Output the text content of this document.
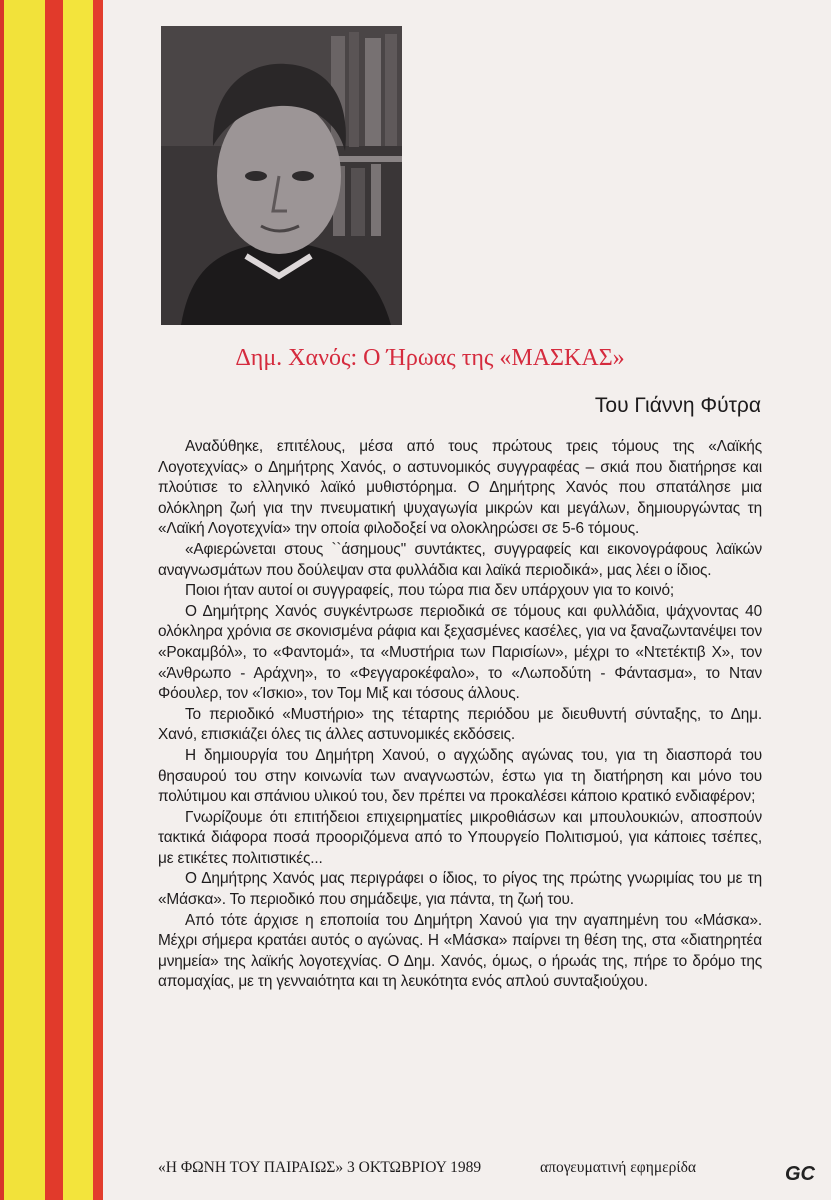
Δημ. Χανός: Ο Ήρωας της «ΜΑΣΚΑΣ»
Του Γιάννη Φύτρα

Αναδύθηκε, επιτέλους, μέσα από τους πρώτους τρεις τόμους της «Λαϊκής Λογοτεχνίας» ο Δημήτρης Χανός, ο αστυνομικός συγγραφέας – σκιά που διατήρησε και πλούτισε το ελληνικό λαϊκό μυθιστόρημα. Ο Δημήτρης Χανός που σπατάλησε μια ολόκληρη ζωή για την πνευματική ψυχαγωγία μικρών και μεγάλων, δημιουργώντας τη «Λαϊκή Λογοτεχνία» την οποία φιλοδοξεί να ολοκληρώσει σε 5-6 τόμους.

«Αφιερώνεται στους ``άσημους'' συντάκτες, συγγραφείς και εικονογράφους λαϊκών αναγνωσμάτων που δούλεψαν στα φυλλάδια και λαϊκά περιοδικά», μας λέει ο ίδιος.

Ποιοι ήταν αυτοί οι συγγραφείς, που τώρα πια δεν υπάρχουν για το κοινό;

Ο Δημήτρης Χανός συγκέντρωσε περιοδικά σε τόμους και φυλλάδια, ψάχνοντας 40 ολόκληρα χρόνια σε σκονισμένα ράφια και ξεχασμένες κασέλες, για να ξαναζωντανέψει τον «Ροκαμβόλ», το «Φαντομά», τα «Μυστήρια των Παρισίων», μέχρι το «Ντετέκτιβ Χ», τον «Άνθρωπο - Αράχνη», το «Φεγγαροκέφαλο», το «Λωποδύτη - Φάντασμα», το Νταν Φόουλερ, τον «Ίσκιο», τον Τομ Μιξ και τόσους άλλους.

Το περιοδικό «Μυστήριο» της τέταρτης περιόδου με διευθυντή σύνταξης, το Δημ. Χανό, επισκιάζει όλες τις άλλες αστυνομικές εκδόσεις.

Η δημιουργία του Δημήτρη Χανού, ο αγχώδης αγώνας του, για τη διασπορά του θησαυρού του στην κοινωνία των αναγνωστών, έστω για τη διατήρηση και μόνο του πολύτιμου και σπάνιου υλικού του, δεν πρέπει να προκαλέσει κάποιο κρατικό ενδιαφέρον;

Γνωρίζουμε ότι επιτήδειοι επιχειρηματίες μικροθιάσων και μπουλουκιών, αποσπούν τακτικά διάφορα ποσά προοριζόμενα από το Υπουργείο Πολιτισμού, για κάποιες τσέπες, με ετικέτες πολιτιστικές...

Ο Δημήτρης Χανός μας περιγράφει ο ίδιος, το ρίγος της πρώτης γνωριμίας του με τη «Μάσκα». Το περιοδικό που σημάδεψε, για πάντα, τη ζωή του.

Από τότε άρχισε η εποποιία του Δημήτρη Χανού για την αγαπημένη του «Μάσκα». Μέχρι σήμερα κρατάει αυτός ο αγώνας. Η «Μάσκα» παίρνει τη θέση της, στα «διατηρητέα μνημεία» της λαϊκής λογοτεχνίας. Ο Δημ. Χανός, όμως, ο ήρωάς της, πήρε το δρόμο της απομαχίας, με τη γενναιότητα και τη λευκότητα ενός απλού συνταξιούχου.

«Η ΦΩΝΗ ΤΟΥ ΠΑΙΡΑΙΩΣ» 3 ΟΚΤΩΒΡΙΟΥ 1989	απογευματινή εφημερίδα	GC
